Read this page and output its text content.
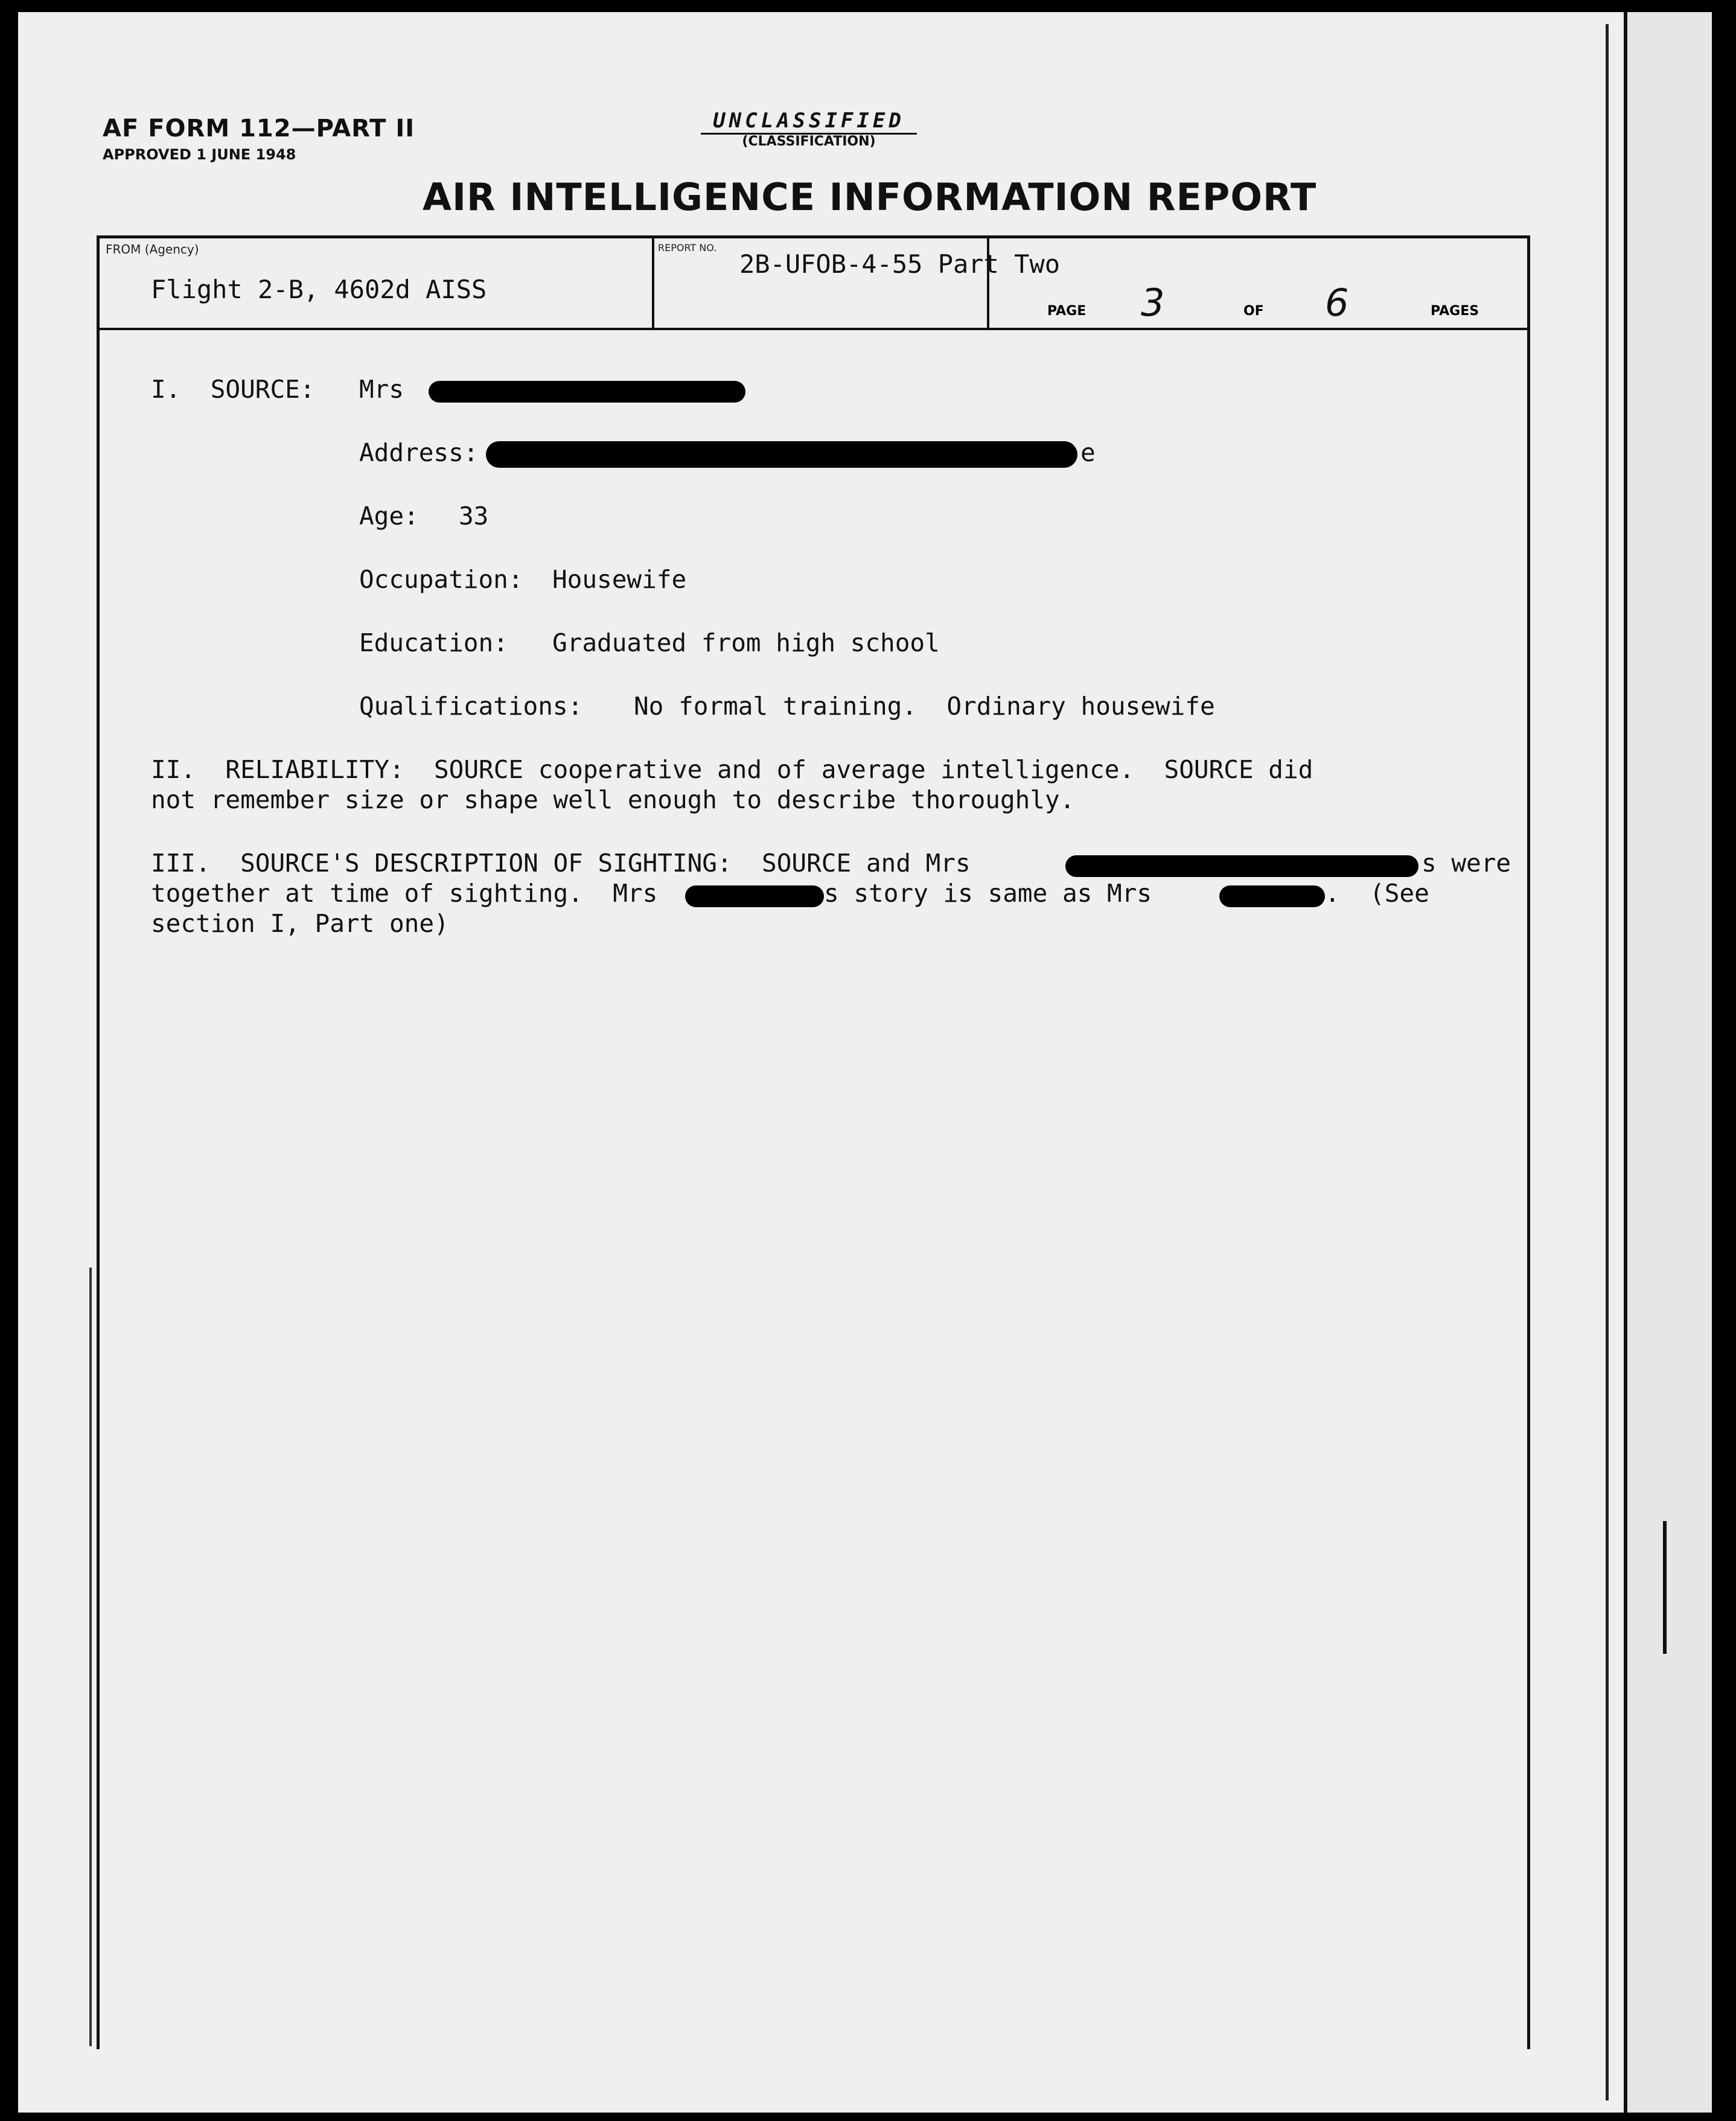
AF FORM 112—PART II
APPROVED 1 JUNE 1948
UNCLASSIFIED
(CLASSIFICATION)
AIR INTELLIGENCE INFORMATION REPORT
FROM (Agency)
Flight 2-B, 4602d AISS
REPORT NO.
2B-UFOB-4-55 Part Two
PAGE 3	OF 6	PAGES
I.  SOURCE: Mrs
Address:	e
Age: 33
Occupation: Housewife
Education: Graduated from high school
Qualifications: No formal training.  Ordinary housewife
II.  RELIABILITY:  SOURCE cooperative and of average intelligence.  SOURCE did
not remember size or shape well enough to describe thoroughly.
III.  SOURCE'S DESCRIPTION OF SIGHTING:  SOURCE and Mrs	s were
together at time of sighting.  Mrs	s story is same as Mrs	.  (See
section I, Part one)
